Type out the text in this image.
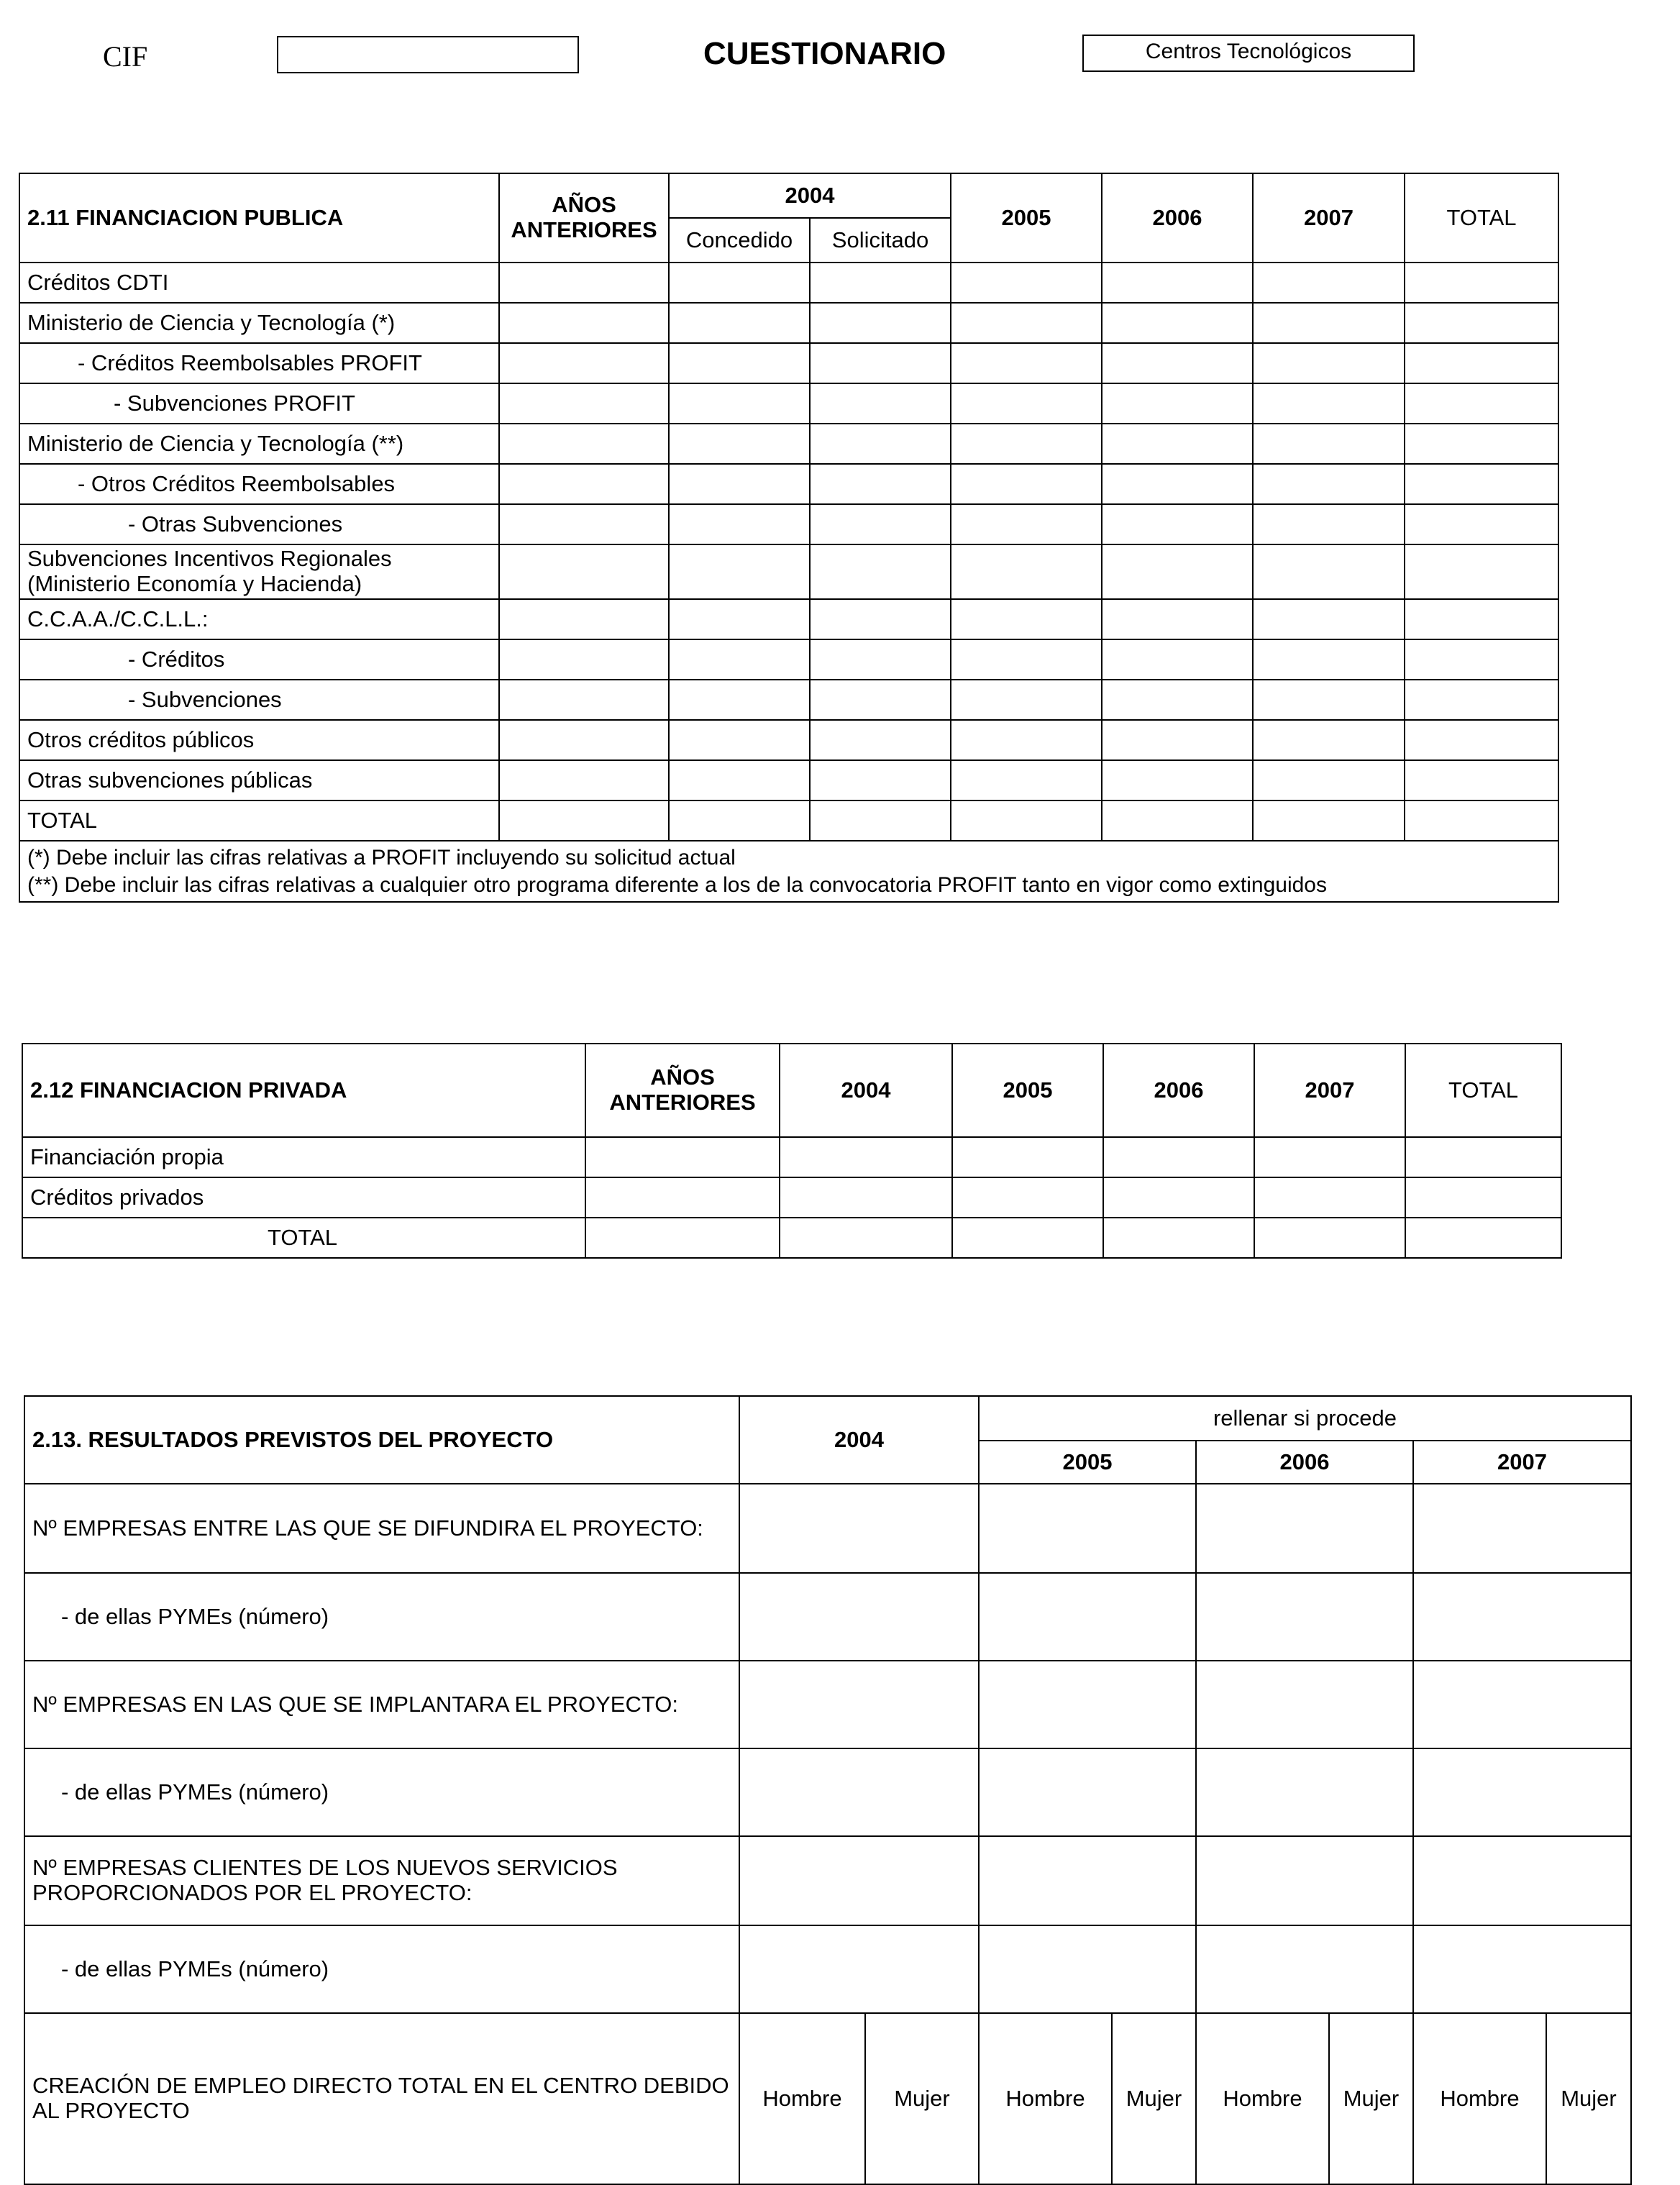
CIF	CUESTIONARIO	Centros Tecnológicos
2.11 FINANCIACION PUBLICA	AÑOS ANTERIORES	2004		2005	2006	2007	TOTAL
		Concedido	Solicitado				
Créditos CDTI							
Ministerio de Ciencia y Tecnología (*)							
- Créditos Reembolsables PROFIT							
- Subvenciones PROFIT							
Ministerio de Ciencia y Tecnología (**)							
- Otros Créditos Reembolsables							
- Otras Subvenciones							
Subvenciones Incentivos Regionales (Ministerio Economía y Hacienda)							
C.C.A.A./C.C.L.L.:							
- Créditos							
- Subvenciones							
Otros créditos públicos							
Otras subvenciones públicas							
TOTAL							

(*) Debe incluir las cifras relativas a PROFIT incluyendo su solicitud actual
(**) Debe incluir las cifras relativas a cualquier otro programa diferente a los de la convocatoria PROFIT tanto en vigor como extinguidos							
2.12 FINANCIACION PRIVADA	AÑOS ANTERIORES	2004	2005	2006	2007	TOTAL
Financiación propia						
Créditos privados						
TOTAL						
2.13. RESULTADOS PREVISTOS DEL PROYECTO	2004		rellenar si procede					
			2005		2006		2007	
Nº EMPRESAS ENTRE LAS QUE SE DIFUNDIRA EL PROYECTO:								
- de ellas PYMEs (número)								
Nº EMPRESAS EN LAS QUE SE IMPLANTARA EL PROYECTO:								
- de ellas PYMEs (número)								
Nº EMPRESAS CLIENTES DE LOS NUEVOS SERVICIOS PROPORCIONADOS POR EL PROYECTO:								
- de ellas PYMEs (número)								
CREACIÓN DE EMPLEO DIRECTO TOTAL EN EL CENTRO DEBIDO AL PROYECTO	Hombre	Mujer	Hombre	Mujer	Hombre	Mujer	Hombre	Mujer
